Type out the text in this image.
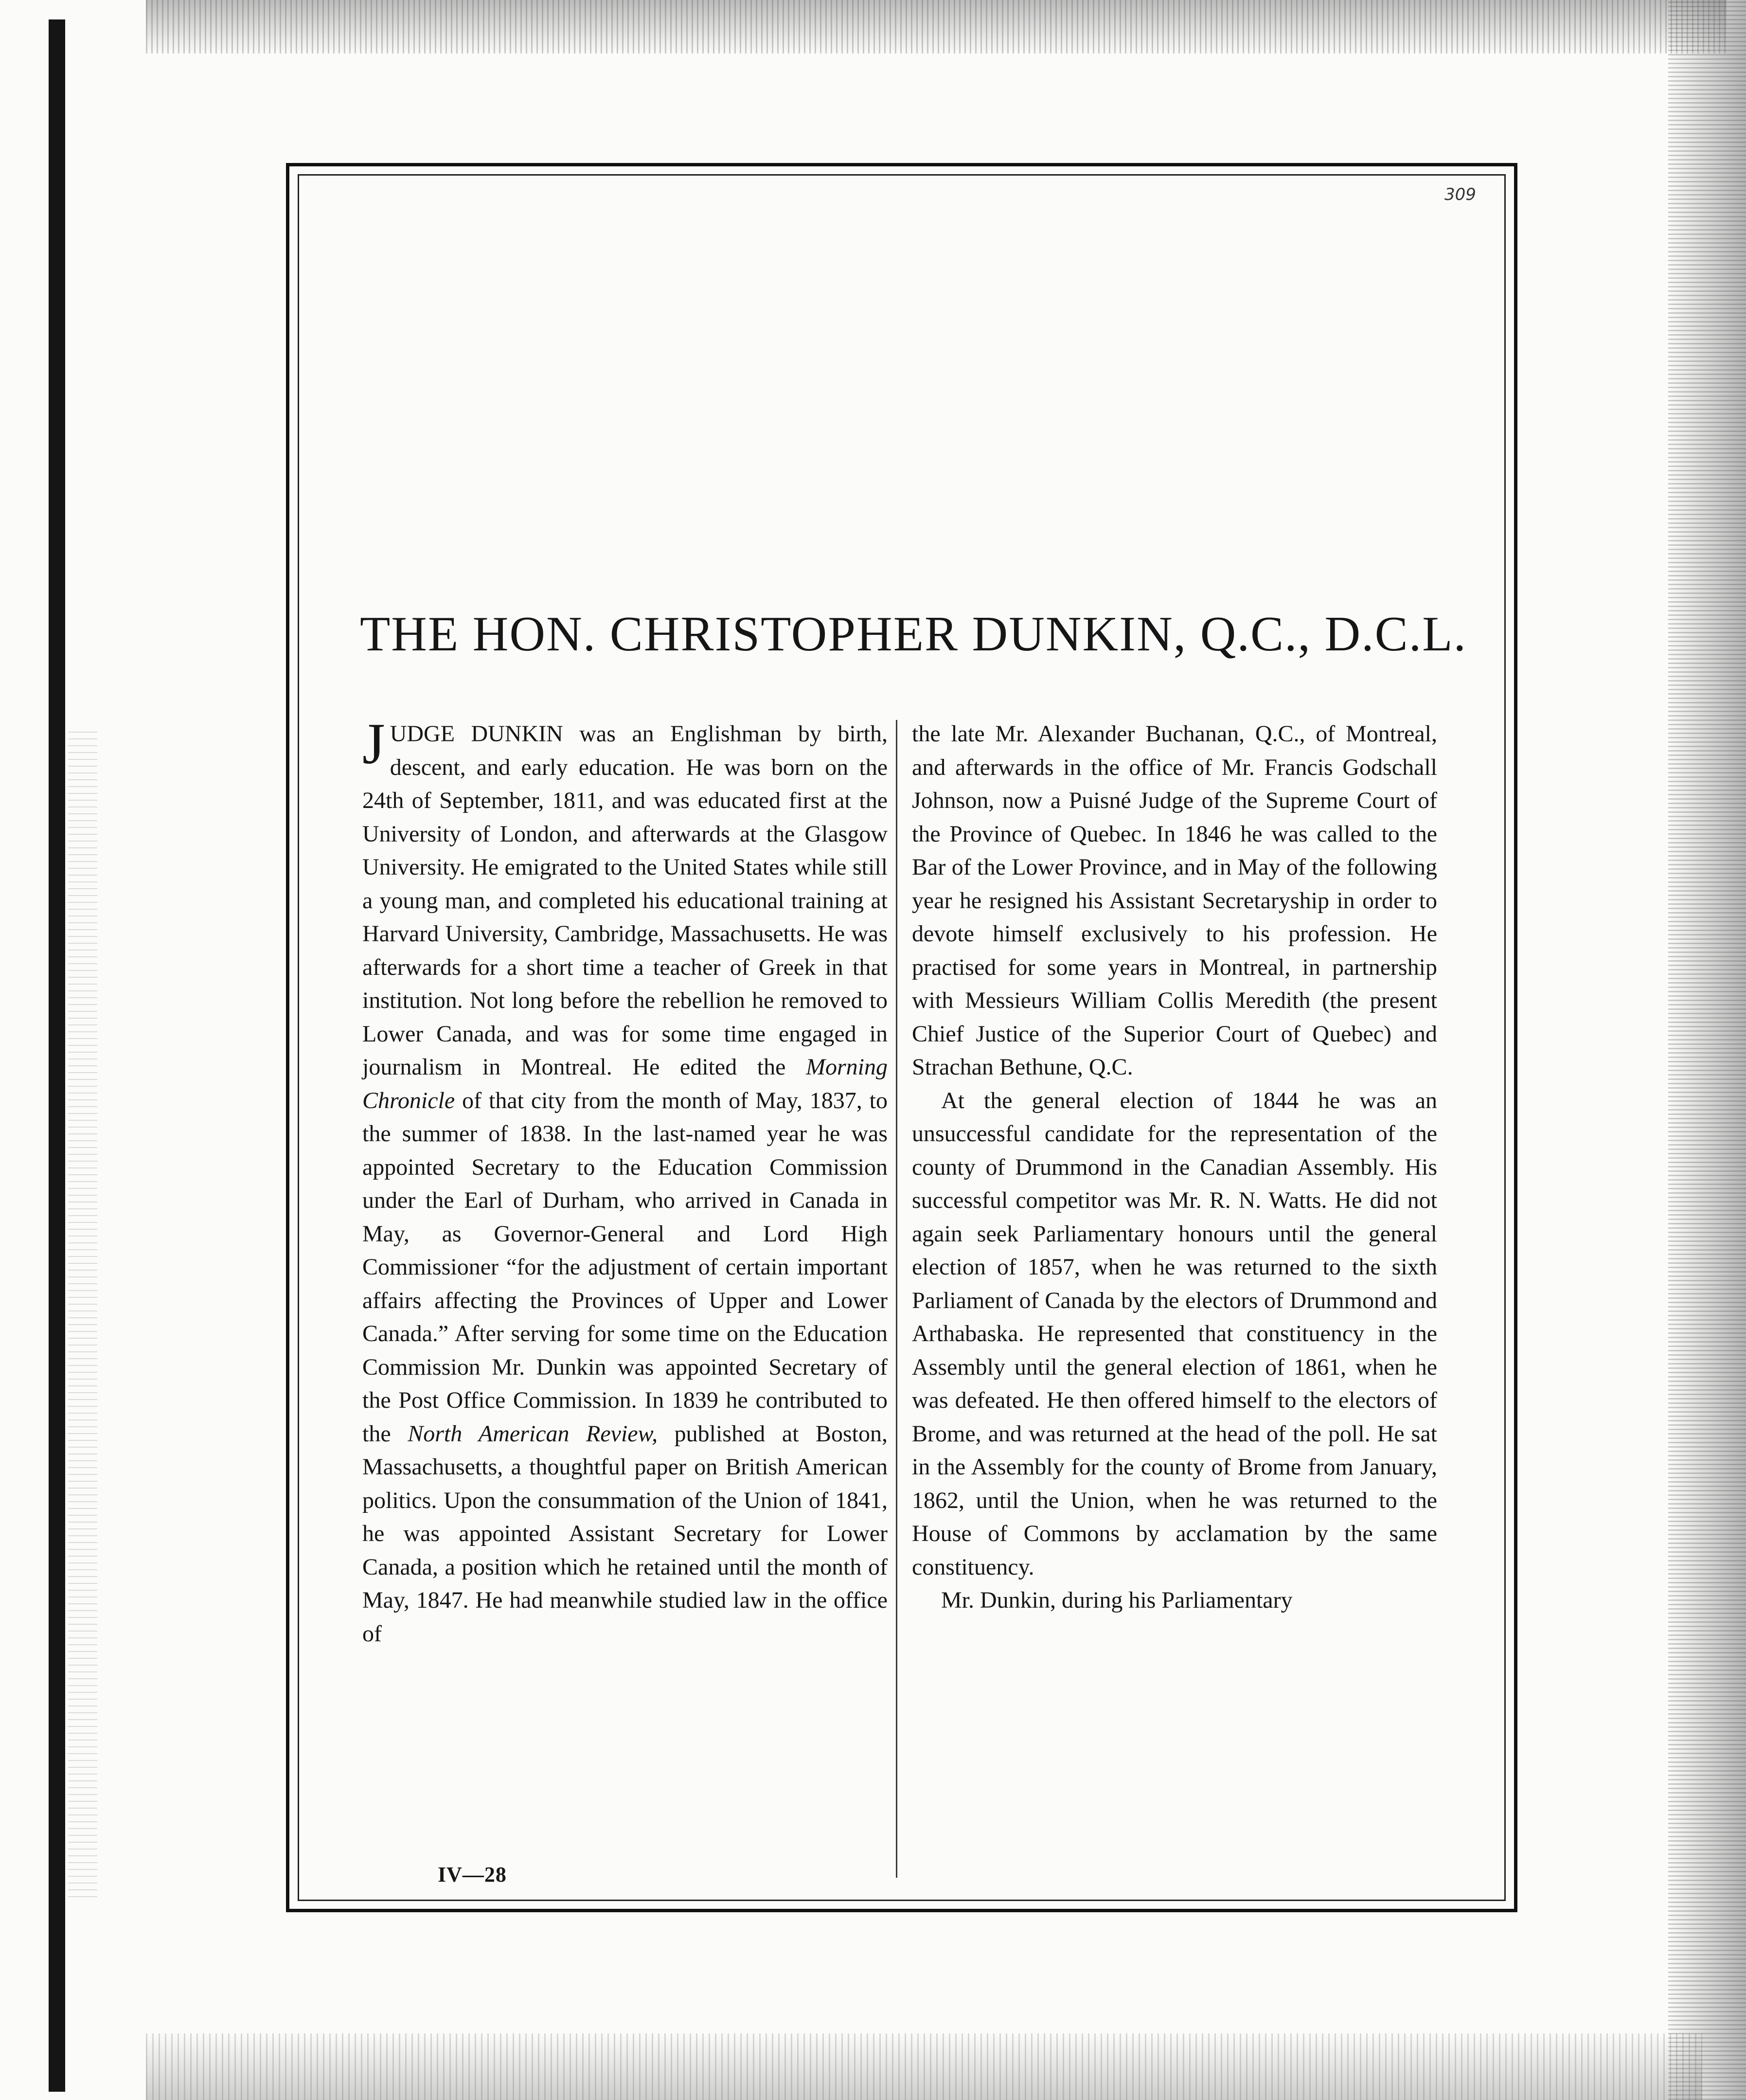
309
THE HON. CHRISTOPHER DUNKIN, Q.C., D.C.L.

JUDGE DUNKIN was an Englishman by birth, descent, and early education. He was born on the 24th of September, 1811, and was educated first at the University of London, and afterwards at the Glasgow University. He emigrated to the United States while still a young man, and completed his educational training at Harvard University, Cambridge, Massachusetts. He was afterwards for a short time a teacher of Greek in that institution. Not long before the rebellion he removed to Lower Canada, and was for some time engaged in journalism in Montreal. He edited the Morning Chronicle of that city from the month of May, 1837, to the summer of 1838. In the last-named year he was appointed Secretary to the Education Commission under the Earl of Durham, who arrived in Canada in May, as Governor-General and Lord High Commissioner “for the adjustment of certain important affairs affecting the Provinces of Upper and Lower Canada.” After serving for some time on the Education Commission Mr. Dunkin was appointed Secretary of the Post Office Commission. In 1839 he contributed to the North American Review, published at Boston, Massachusetts, a thoughtful paper on British American politics. Upon the consummation of the Union of 1841, he was appointed Assistant Secretary for Lower Canada, a position which he retained until the month of May, 1847. He had meanwhile studied law in the office of

the late Mr. Alexander Buchanan, Q.C., of Montreal, and afterwards in the office of Mr. Francis Godschall Johnson, now a Puisné Judge of the Supreme Court of the Province of Quebec. In 1846 he was called to the Bar of the Lower Province, and in May of the following year he resigned his Assistant Secretaryship in order to devote himself exclusively to his profession. He practised for some years in Montreal, in partnership with Messieurs William Collis Meredith (the present Chief Justice of the Superior Court of Quebec) and Strachan Bethune, Q.C.

At the general election of 1844 he was an unsuccessful candidate for the representation of the county of Drummond in the Canadian Assembly. His successful competitor was Mr. R. N. Watts. He did not again seek Parliamentary honours until the general election of 1857, when he was returned to the sixth Parliament of Canada by the electors of Drummond and Arthabaska. He represented that constituency in the Assembly until the general election of 1861, when he was defeated. He then offered himself to the electors of Brome, and was returned at the head of the poll. He sat in the Assembly for the county of Brome from January, 1862, until the Union, when he was returned to the House of Commons by acclamation by the same constituency.

Mr. Dunkin, during his Parliamentary

IV—28
